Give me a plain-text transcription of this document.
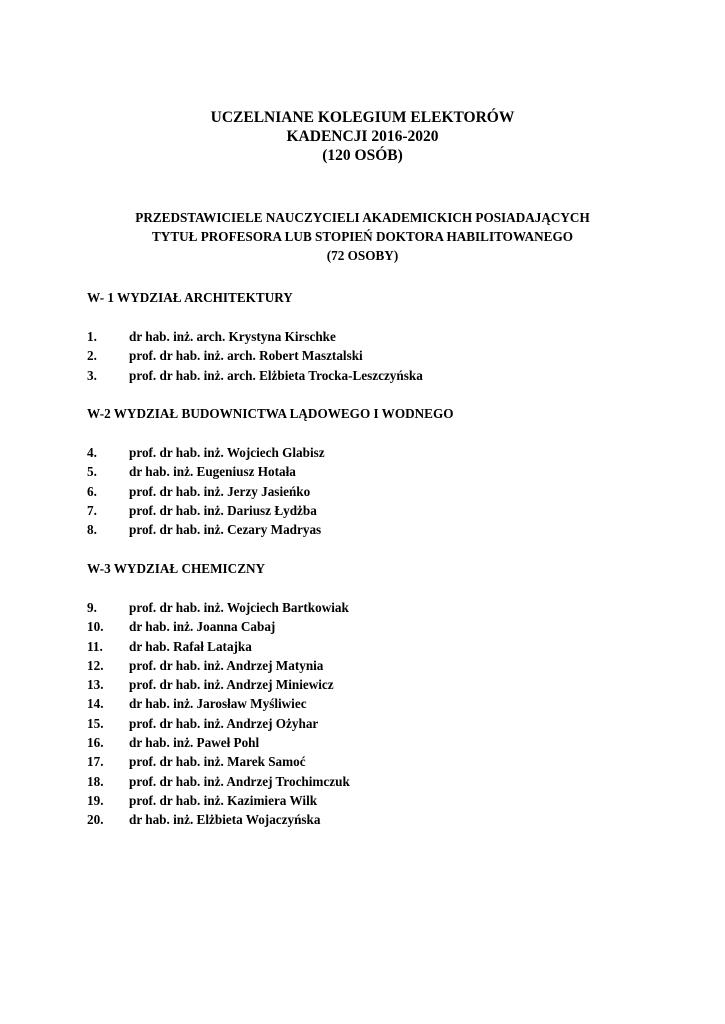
UCZELNIANE KOLEGIUM ELEKTORÓW
KADENCJI 2016-2020
(120 OSÓB)
PRZEDSTAWICIELE NAUCZYCIELI AKADEMICKICH POSIADAJĄCYCH
TYTUŁ PROFESORA LUB STOPIEŃ DOKTORA HABILITOWANEGO
(72 OSOBY)
W- 1 WYDZIAŁ ARCHITEKTURY
1. dr hab. inż. arch. Krystyna Kirschke
2. prof. dr hab. inż. arch. Robert Masztalski
3. prof. dr hab. inż. arch. Elżbieta Trocka-Leszczyńska
W-2 WYDZIAŁ BUDOWNICTWA LĄDOWEGO I WODNEGO
4. prof. dr hab. inż. Wojciech Glabisz
5. dr hab. inż. Eugeniusz Hotała
6. prof. dr hab. inż. Jerzy Jasieńko
7. prof. dr hab. inż. Dariusz Łydżba
8. prof. dr hab. inż. Cezary Madryas
W-3 WYDZIAŁ CHEMICZNY
9. prof. dr hab. inż. Wojciech Bartkowiak
10. dr hab. inż. Joanna Cabaj
11. dr hab. Rafał Latajka
12. prof. dr hab. inż. Andrzej Matynia
13. prof. dr hab. inż. Andrzej Miniewicz
14. dr hab. inż. Jarosław Myśliwiec
15. prof. dr hab. inż. Andrzej Ożyhar
16. dr hab. inż. Paweł Pohl
17. prof. dr hab. inż. Marek Samoć
18. prof. dr hab. inż. Andrzej Trochimczuk
19. prof. dr hab. inż. Kazimiera Wilk
20. dr hab. inż. Elżbieta Wojaczyńska
